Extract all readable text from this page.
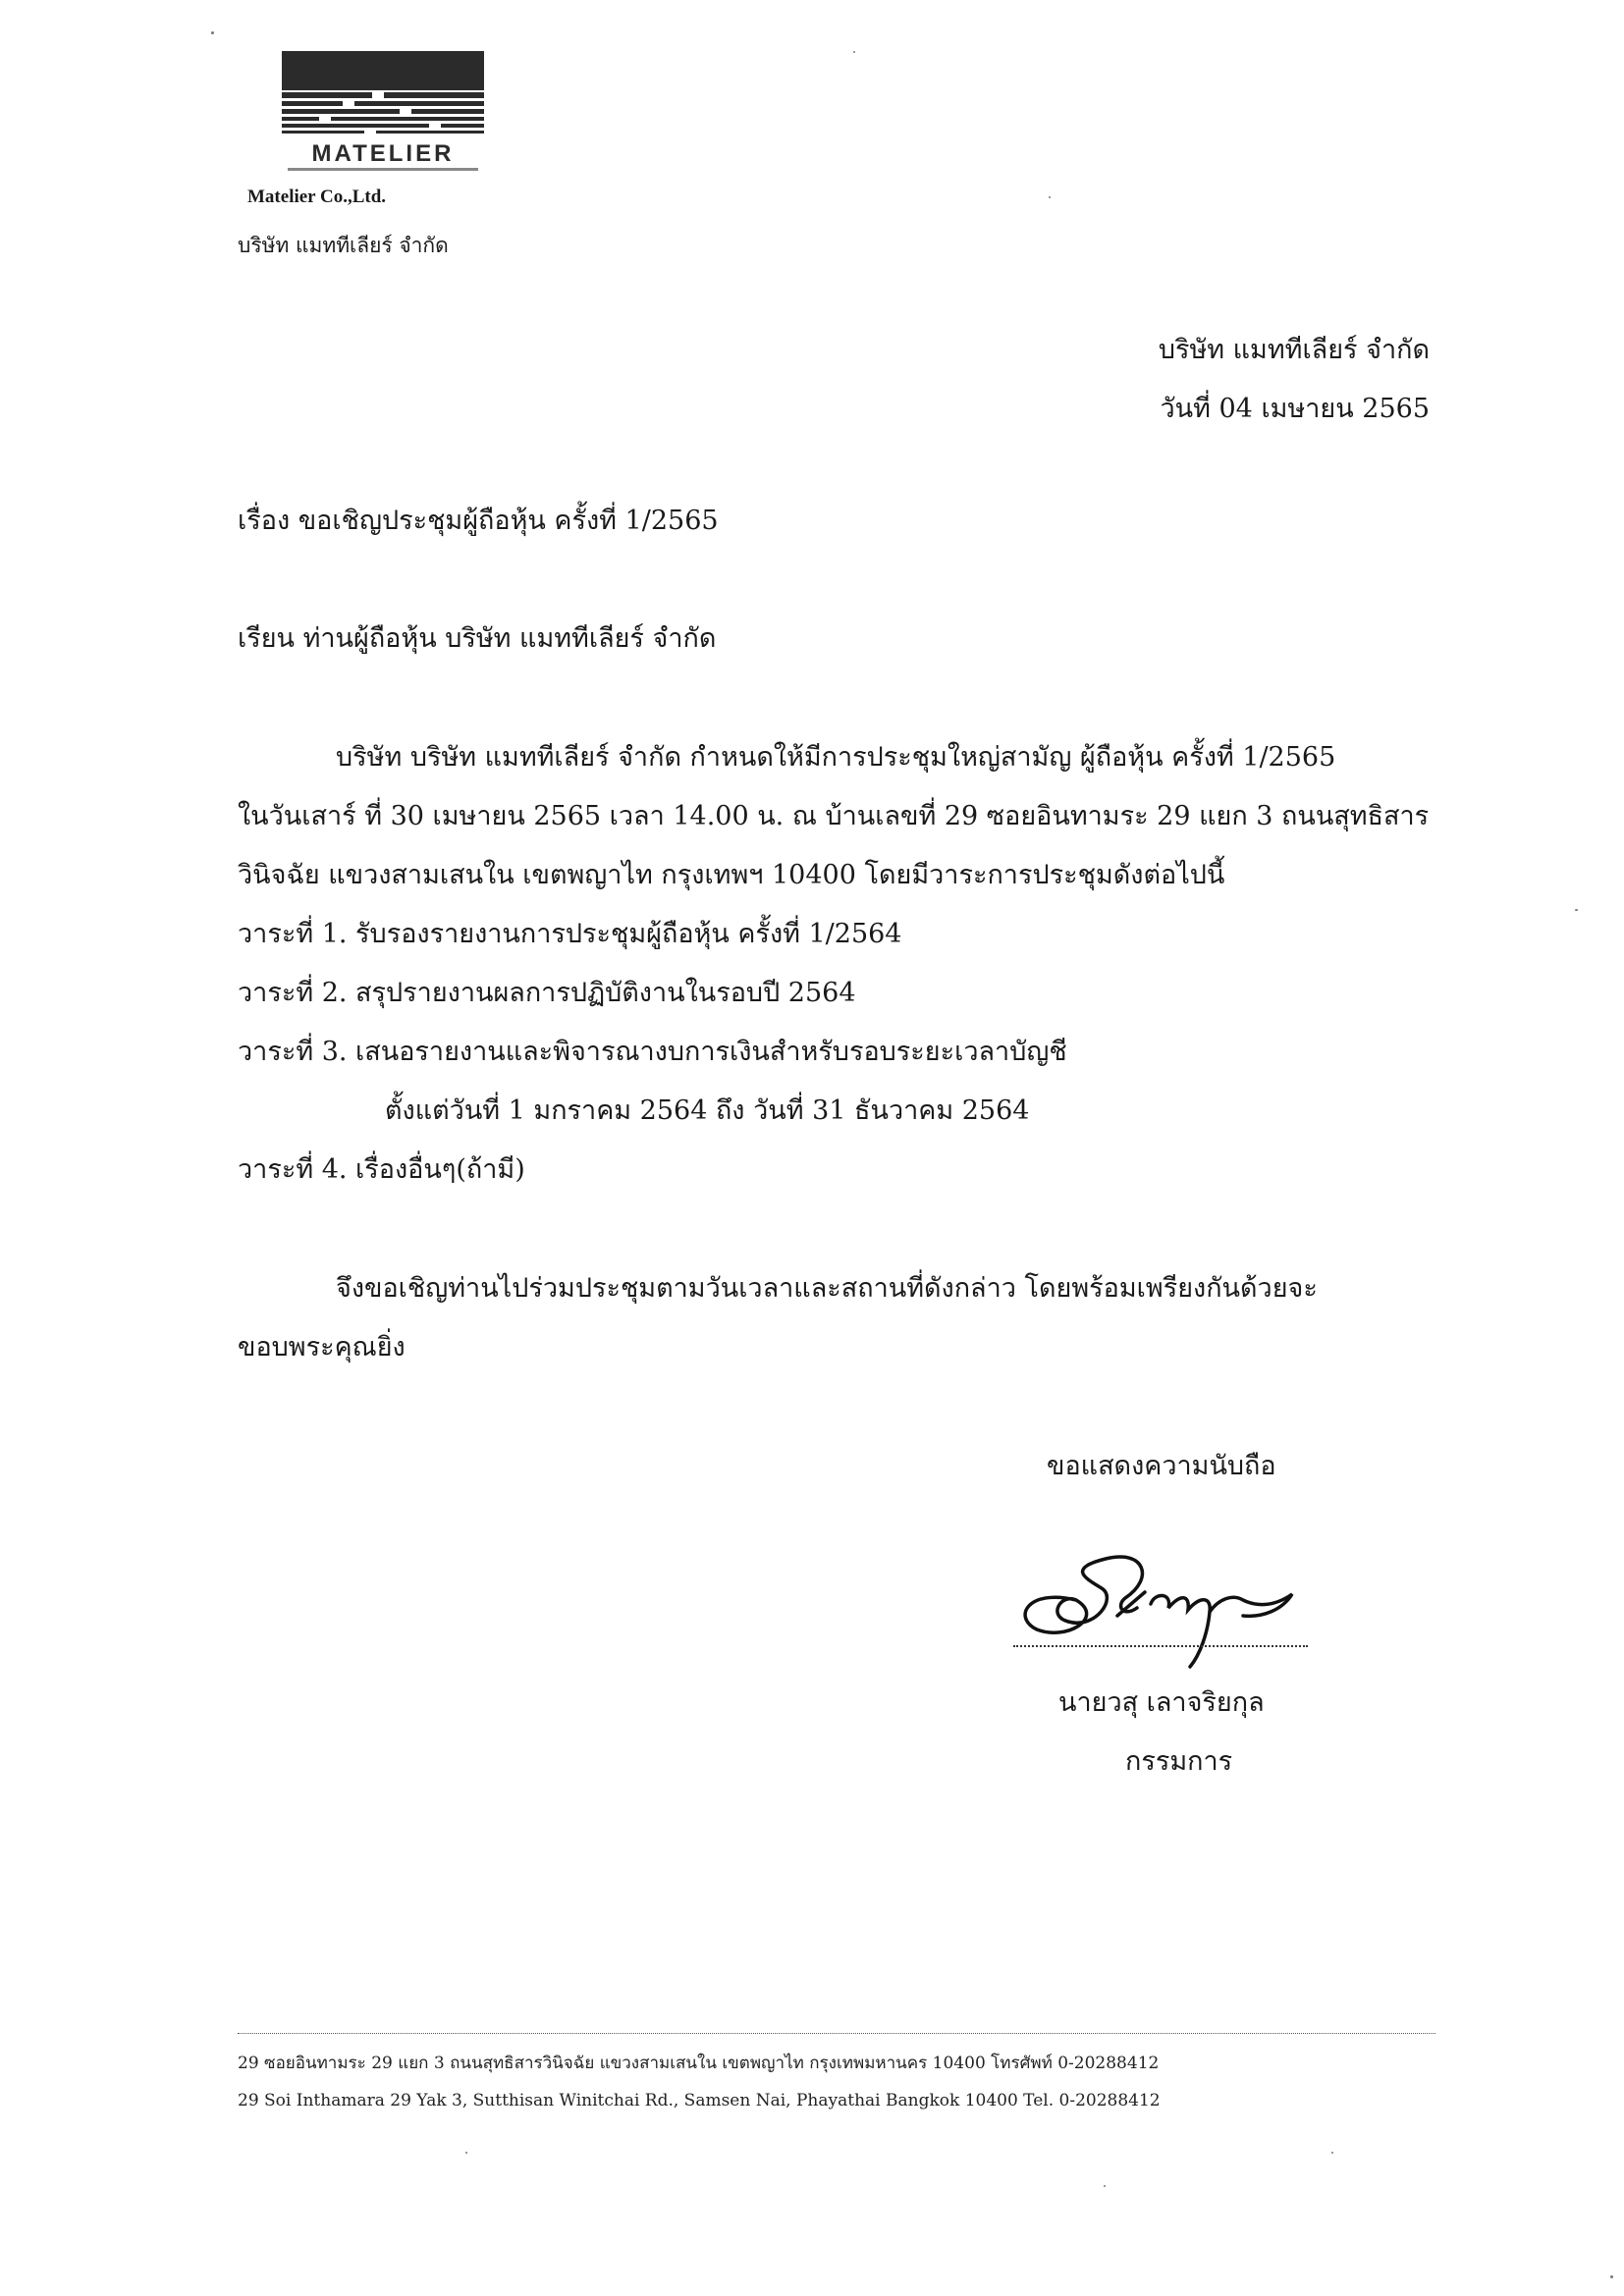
MATELIER
Matelier Co.,Ltd.
บริษัท แมททีเลียร์ จำกัด
บริษัท แมททีเลียร์ จำกัด
วันที่ 04 เมษายน 2565
เรื่อง ขอเชิญประชุมผู้ถือหุ้น ครั้งที่ 1/2565
เรียน ท่านผู้ถือหุ้น บริษัท แมททีเลียร์ จำกัด
บริษัท บริษัท แมททีเลียร์ จำกัด กำหนดให้มีการประชุมใหญ่สามัญ ผู้ถือหุ้น ครั้งที่ 1/2565
ในวันเสาร์ ที่ 30 เมษายน 2565 เวลา 14.00 น. ณ บ้านเลขที่ 29 ซอยอินทามระ 29 แยก 3 ถนนสุทธิสาร
วินิจฉัย แขวงสามเสนใน เขตพญาไท กรุงเทพฯ 10400 โดยมีวาระการประชุมดังต่อไปนี้
วาระที่ 1. รับรองรายงานการประชุมผู้ถือหุ้น ครั้งที่ 1/2564
วาระที่ 2. สรุปรายงานผลการปฏิบัติงานในรอบปี 2564
วาระที่ 3. เสนอรายงานและพิจารณางบการเงินสำหรับรอบระยะเวลาบัญชี
ตั้งแต่วันที่ 1 มกราคม 2564 ถึง วันที่ 31 ธันวาคม 2564
วาระที่ 4. เรื่องอื่นๆ(ถ้ามี)
จึงขอเชิญท่านไปร่วมประชุมตามวันเวลาและสถานที่ดังกล่าว โดยพร้อมเพรียงกันด้วยจะ
ขอบพระคุณยิ่ง
ขอแสดงความนับถือ
นายวสุ เลาจริยกุล
กรรมการ
29 ซอยอินทามระ 29 แยก 3 ถนนสุทธิสารวินิจฉัย แขวงสามเสนใน เขตพญาไท กรุงเทพมหานคร 10400 โทรศัพท์ 0-20288412
29 Soi Inthamara 29 Yak 3, Sutthisan Winitchai Rd., Samsen Nai, Phayathai Bangkok 10400 Tel. 0-20288412
